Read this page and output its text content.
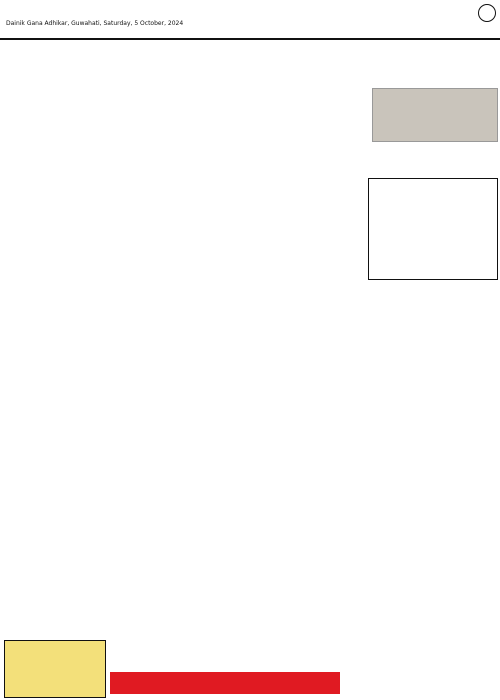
Dainik Gana Adhikar, Guwahati, Saturday, 5 October, 2024
